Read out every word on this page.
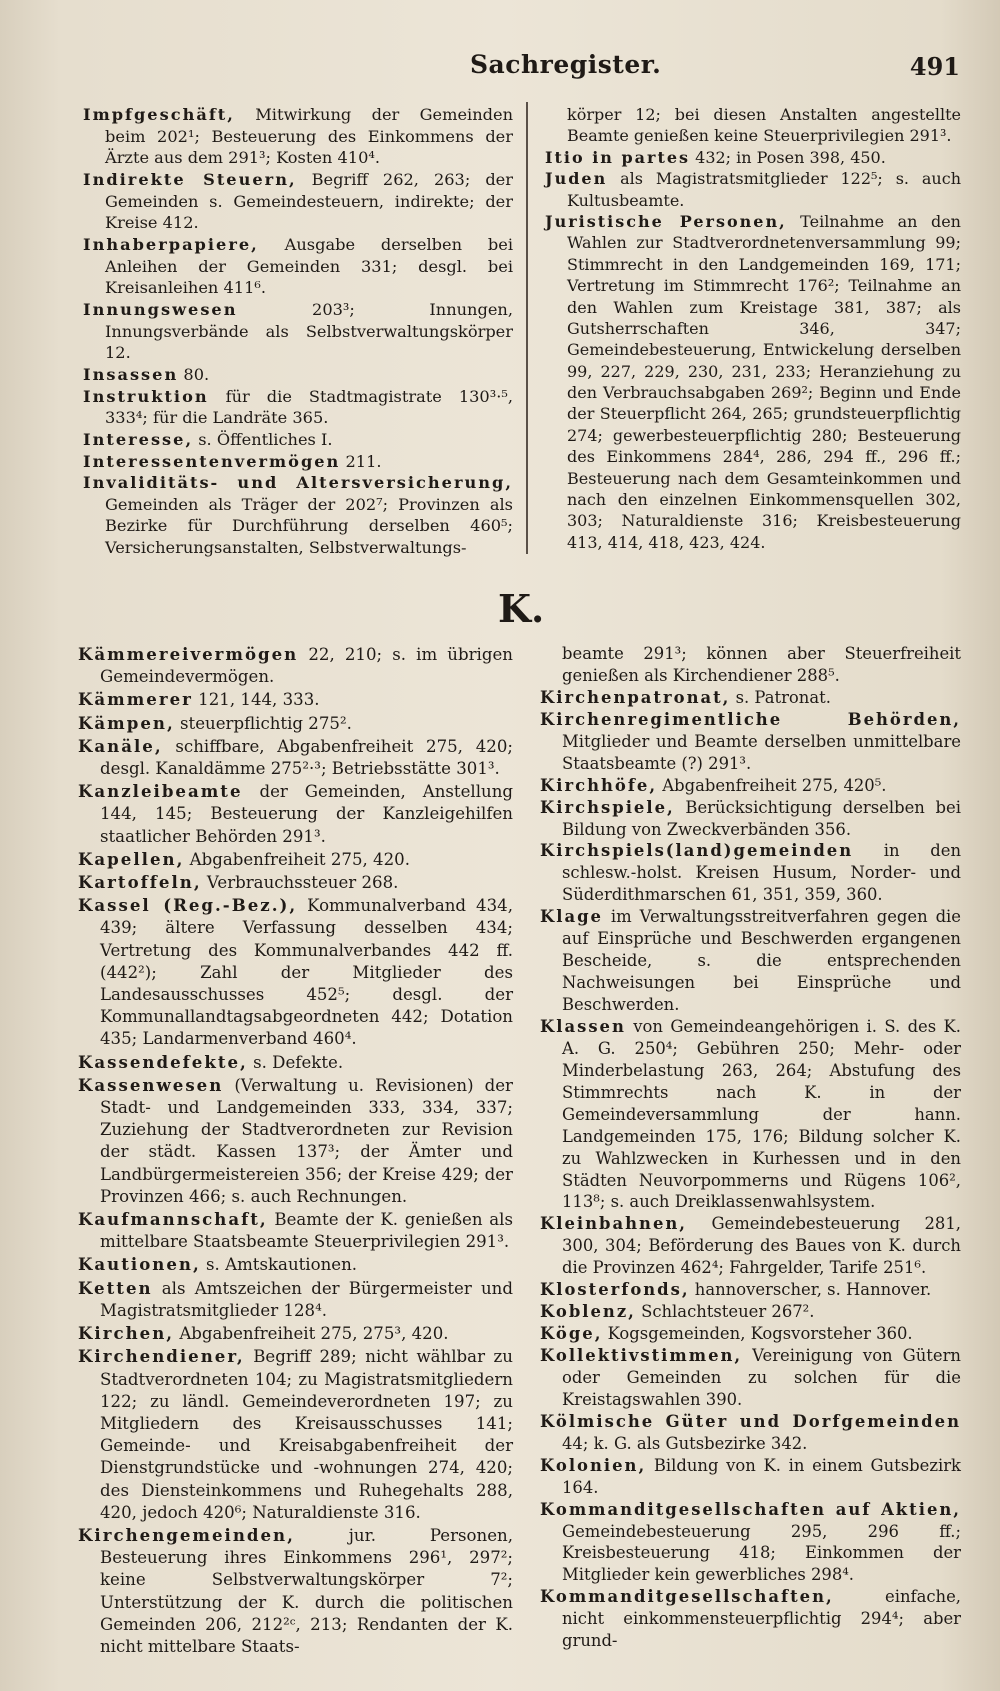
Sachregister.	491

Impfgeschäft, Mitwirkung der Gemeinden beim 202¹; Besteuerung des Einkommens der Ärzte aus dem 291³; Kosten 410⁴.

Indirekte Steuern, Begriff 262, 263; der Gemeinden s. Gemeindesteuern, indirekte; der Kreise 412.

Inhaberpapiere, Ausgabe derselben bei Anleihen der Gemeinden 331; desgl. bei Kreisanleihen 411⁶.

Innungswesen 203³; Innungen, Innungsverbände als Selbstverwaltungskörper 12.

Insassen 80.

Instruktion für die Stadtmagistrate 130³·⁵, 333⁴; für die Landräte 365.

Interesse, s. Öffentliches I.

Interessentenvermögen 211.

Invaliditäts- und Altersversicherung, Gemeinden als Träger der 202⁷; Provinzen als Bezirke für Durchführung derselben 460⁵; Versicherungsanstalten, Selbstverwaltungs-

körper 12; bei diesen Anstalten angestellte Beamte genießen keine Steuerprivilegien 291³.

Itio in partes 432; in Posen 398, 450.

Juden als Magistratsmitglieder 122⁵; s. auch Kultusbeamte.

Juristische Personen, Teilnahme an den Wahlen zur Stadtverordnetenversammlung 99; Stimmrecht in den Landgemeinden 169, 171; Vertretung im Stimmrecht 176²; Teilnahme an den Wahlen zum Kreistage 381, 387; als Gutsherrschaften 346, 347; Gemeindebesteuerung, Entwickelung derselben 99, 227, 229, 230, 231, 233; Heranziehung zu den Verbrauchsabgaben 269²; Beginn und Ende der Steuerpflicht 264, 265; grundsteuerpflichtig 274; gewerbesteuerpflichtig 280; Besteuerung des Einkommens 284⁴, 286, 294 ff., 296 ff.; Besteuerung nach dem Gesamteinkommen und nach den einzelnen Einkommensquellen 302, 303; Naturaldienste 316; Kreisbesteuerung 413, 414, 418, 423, 424.

K.

Kämmereivermögen 22, 210; s. im übrigen Gemeindevermögen.

Kämmerer 121, 144, 333.

Kämpen, steuerpflichtig 275².

Kanäle, schiffbare, Abgabenfreiheit 275, 420; desgl. Kanaldämme 275²·³; Betriebsstätte 301³.

Kanzleibeamte der Gemeinden, Anstellung 144, 145; Besteuerung der Kanzleigehilfen staatlicher Behörden 291³.

Kapellen, Abgabenfreiheit 275, 420.

Kartoffeln, Verbrauchssteuer 268.

Kassel (Reg.-Bez.), Kommunalverband 434, 439; ältere Verfassung desselben 434; Vertretung des Kommunalverbandes 442 ff. (442²); Zahl der Mitglieder des Landesausschusses 452⁵; desgl. der Kommunallandtagsabgeordneten 442; Dotation 435; Landarmenverband 460⁴.

Kassendefekte, s. Defekte.

Kassenwesen (Verwaltung u. Revisionen) der Stadt- und Landgemeinden 333, 334, 337; Zuziehung der Stadtverordneten zur Revision der städt. Kassen 137³; der Ämter und Landbürgermeistereien 356; der Kreise 429; der Provinzen 466; s. auch Rechnungen.

Kaufmannschaft, Beamte der K. genießen als mittelbare Staatsbeamte Steuerprivilegien 291³.

Kautionen, s. Amtskautionen.

Ketten als Amtszeichen der Bürgermeister und Magistratsmitglieder 128⁴.

Kirchen, Abgabenfreiheit 275, 275³, 420.

Kirchendiener, Begriff 289; nicht wählbar zu Stadtverordneten 104; zu Magistratsmitgliedern 122; zu ländl. Gemeindeverordneten 197; zu Mitgliedern des Kreisausschusses 141; Gemeinde- und Kreisabgabenfreiheit der Dienstgrundstücke und -wohnungen 274, 420; des Diensteinkommens und Ruhegehalts 288, 420, jedoch 420⁶; Naturaldienste 316.

Kirchengemeinden, jur. Personen, Besteuerung ihres Einkommens 296¹, 297²; keine Selbstverwaltungskörper 7²; Unterstützung der K. durch die politischen Gemeinden 206, 212²ᶜ, 213; Rendanten der K. nicht mittelbare Staats-

beamte 291³; können aber Steuerfreiheit genießen als Kirchendiener 288⁵.

Kirchenpatronat, s. Patronat.

Kirchenregimentliche Behörden, Mitglieder und Beamte derselben unmittelbare Staatsbeamte (?) 291³.

Kirchhöfe, Abgabenfreiheit 275, 420⁵.

Kirchspiele, Berücksichtigung derselben bei Bildung von Zweckverbänden 356.

Kirchspiels(land)gemeinden in den schlesw.-holst. Kreisen Husum, Norder- und Süderdithmarschen 61, 351, 359, 360.

Klage im Verwaltungsstreitverfahren gegen die auf Einsprüche und Beschwerden ergangenen Bescheide, s. die entsprechenden Nachweisungen bei Einsprüche und Beschwerden.

Klassen von Gemeindeangehörigen i. S. des K. A. G. 250⁴; Gebühren 250; Mehr- oder Minderbelastung 263, 264; Abstufung des Stimmrechts nach K. in der Gemeindeversammlung der hann. Landgemeinden 175, 176; Bildung solcher K. zu Wahlzwecken in Kurhessen und in den Städten Neuvorpommerns und Rügens 106², 113⁸; s. auch Dreiklassenwahlsystem.

Kleinbahnen, Gemeindebesteuerung 281, 300, 304; Beförderung des Baues von K. durch die Provinzen 462⁴; Fahrgelder, Tarife 251⁶.

Klosterfonds, hannoverscher, s. Hannover.

Koblenz, Schlachtsteuer 267².

Köge, Kogsgemeinden, Kogsvorsteher 360.

Kollektivstimmen, Vereinigung von Gütern oder Gemeinden zu solchen für die Kreistagswahlen 390.

Kölmische Güter und Dorfgemeinden 44; k. G. als Gutsbezirke 342.

Kolonien, Bildung von K. in einem Gutsbezirk 164.

Kommanditgesellschaften auf Aktien, Gemeindebesteuerung 295, 296 ff.; Kreisbesteuerung 418; Einkommen der Mitglieder kein gewerbliches 298⁴.

Kommanditgesellschaften, einfache, nicht einkommensteuerpflichtig 294⁴; aber grund-
